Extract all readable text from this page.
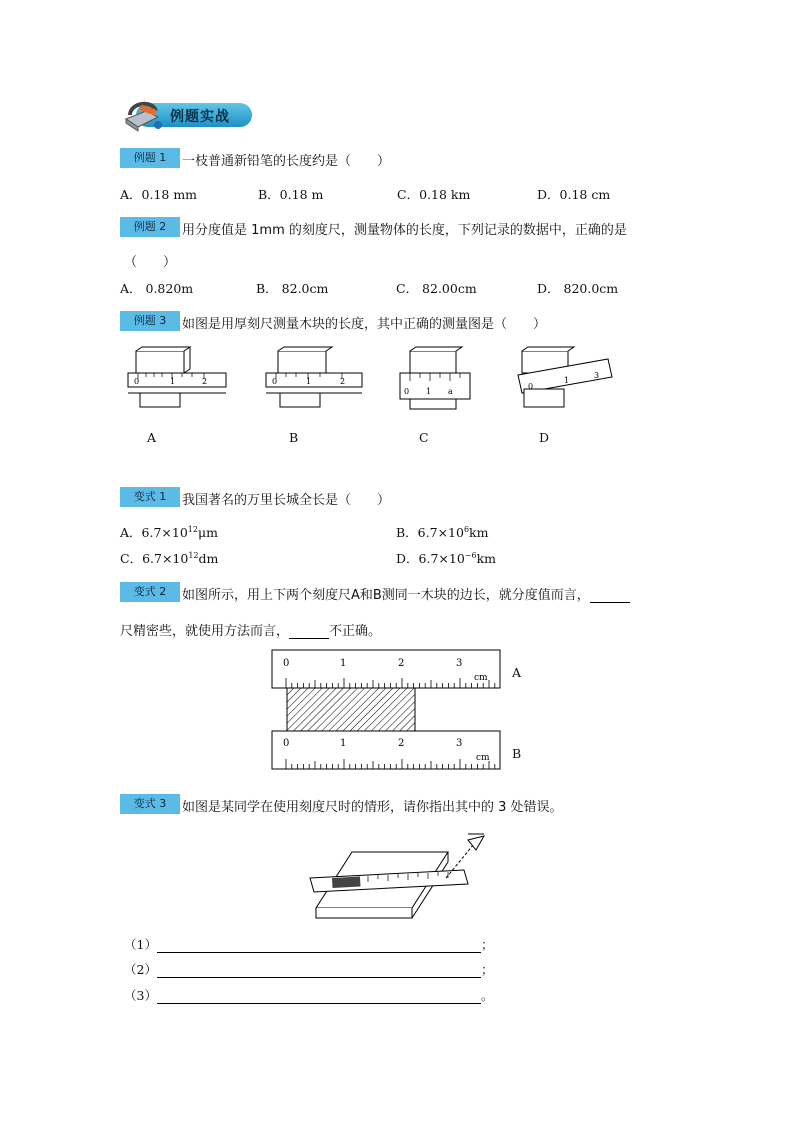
例题实战
例题 1	一枝普通新铅笔的长度约是（　　）
A．0.18 mm	B．0.18 m	C．0.18 km	D．0.18 cm
例题 2	用分度值是 1mm 的刻度尺，测量物体的长度，下列记录的数据中，正确的是
（　　）
A． 0.820m	B． 82.0cm	C． 82.00cm	D． 820.0cm
例题 3	如图是用厚刻尺测量木块的长度，其中正确的测量图是（　　）
0	1	2	0	1	2
0 1 a
0
1
3
A	B	C	D
变式 1	我国著名的万里长城全长是（　　）
A．$6.7\times 10^{12}\mu m$	B．$6.7\times 10^6km$
C．$6.7\times 10^{12}dm$	D．$6.7\times 10^{-6}km$
变式 2	如图所示，用上下两个刻度尺A和B测同一木块的边长，就分度值而言，
尺精密些，就使用方法而言，	不正确。
0	1	2	3
cm
0	1	2	3
cm
A
B
变式 3	如图是某同学在使用刻度尺时的情形，请你指出其中的 3 处错误。
（1）	；
（2）	；
（3）	。
